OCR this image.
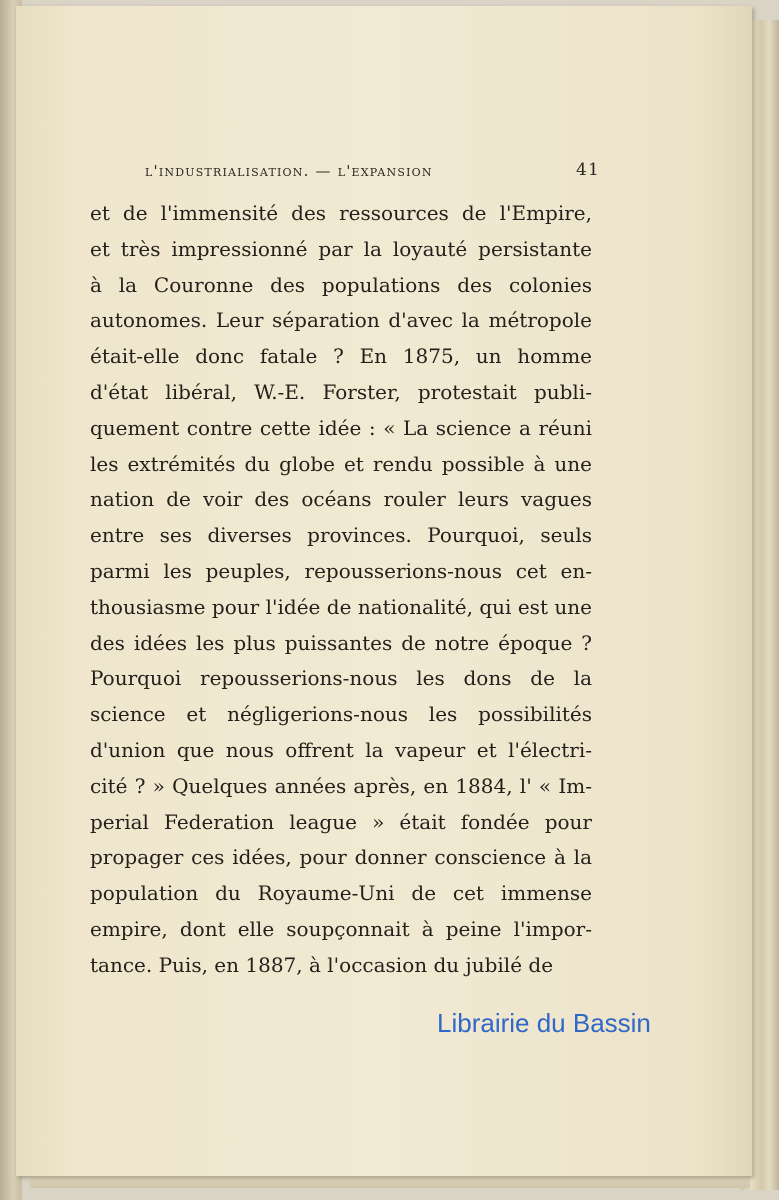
l'industrialisation. — l'expansion	41
et de l'immensité des ressources de l'Empire,
et très impressionné par la loyauté persistante
à la Couronne des populations des colonies
autonomes. Leur séparation d'avec la métropole
était-elle donc fatale ? En 1875, un homme
d'état libéral, W.-E. Forster, protestait publi-
quement contre cette idée : « La science a réuni
les extrémités du globe et rendu possible à une
nation de voir des océans rouler leurs vagues
entre ses diverses provinces. Pourquoi, seuls
parmi les peuples, repousserions-nous cet en-
thousiasme pour l'idée de nationalité, qui est une
des idées les plus puissantes de notre époque ?
Pourquoi repousserions-nous les dons de la
science et négligerions-nous les possibilités
d'union que nous offrent la vapeur et l'électri-
cité ? » Quelques années après, en 1884, l' « Im-
perial Federation league » était fondée pour
propager ces idées, pour donner conscience à la
population du Royaume-Uni de cet immense
empire, dont elle soupçonnait à peine l'impor-
tance. Puis, en 1887, à l'occasion du jubilé de
Librairie du Bassin
